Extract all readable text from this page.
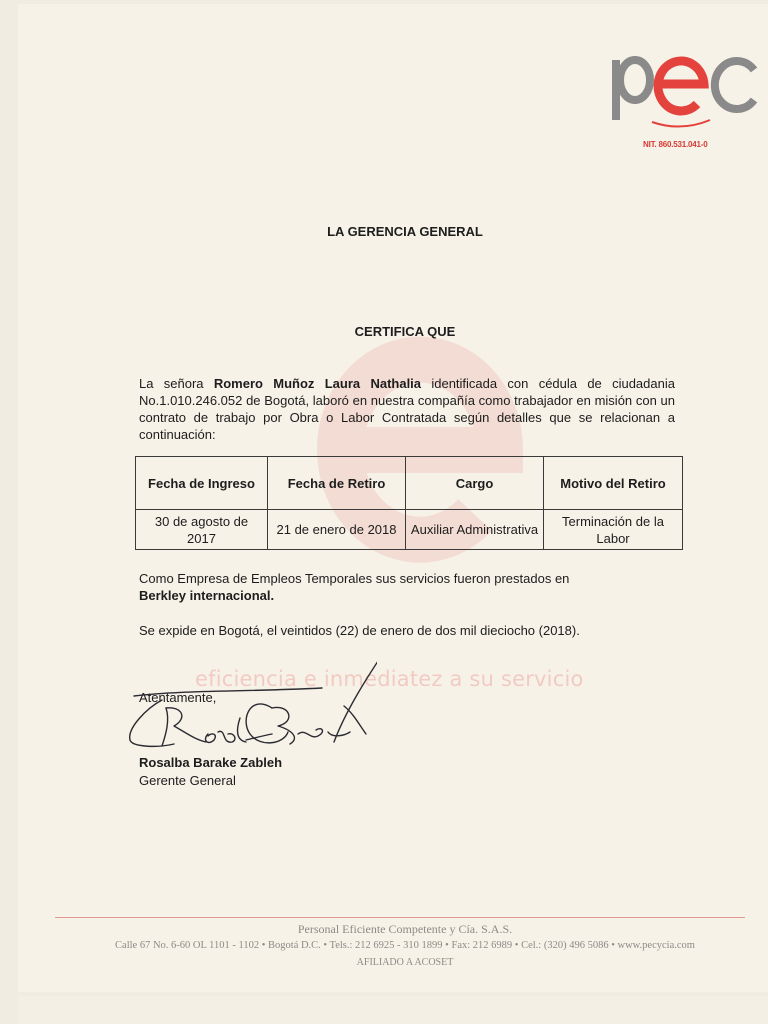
eficiencia e inmediatez a su servicio
NIT. 860.531.041-0
LA GERENCIA GENERAL
CERTIFICA QUE
La señora Romero Muñoz Laura Nathalia identificada con cédula de ciudadania No.1.010.246.052 de Bogotá, laboró en nuestra compañía como trabajador en misión con un contrato de trabajo por Obra o Labor Contratada según detalles que se relacionan a continuación:
Fecha de Ingreso	Fecha de Retiro	Cargo	Motivo del Retiro
30 de agosto de 2017	21 de enero de 2018	Auxiliar Administrativa	Terminación de la Labor
Como Empresa de Empleos Temporales sus servicios fueron prestados en
Berkley internacional.
Se expide en Bogotá, el veintidos (22) de enero de dos mil dieciocho (2018).
Atentamente,
Rosalba Barake Zableh
Gerente General
Personal Eficiente Competente y Cía. S.A.S.
Calle 67 No. 6-60 OL 1101 - 1102 • Bogotá D.C. • Tels.: 212 6925 - 310 1899 • Fax: 212 6989 • Cel.: (320) 496 5086 • www.pecycia.com
AFILIADO A ACOSET
